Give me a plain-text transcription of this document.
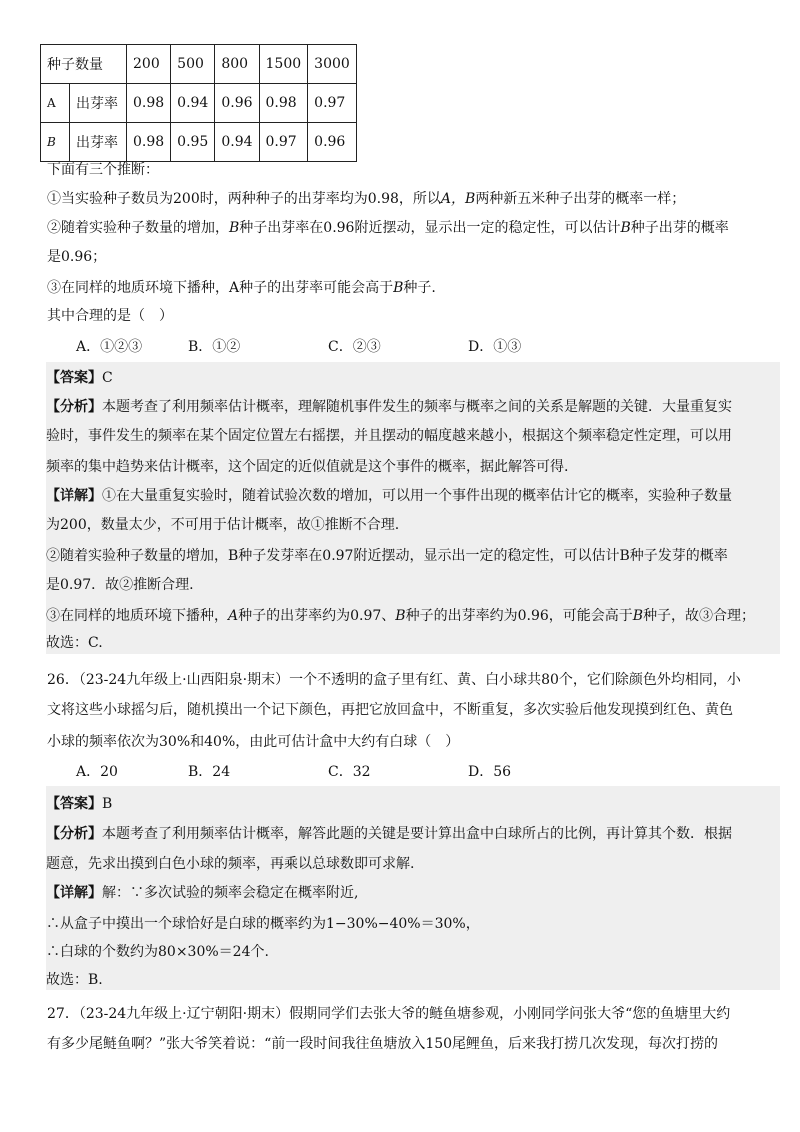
种子数量		200	500	800	1500	3000
A	出芽率	0.98	0.94	0.96	0.98	0.97
B	出芽率	0.98	0.95	0.94	0.97	0.96
下面有三个推断：
①当实验种子数员为200时，两种种子的出芽率均为0.98，所以A，B两种新五米种子出芽的概率一样；
②随着实验种子数量的增加，B种子出芽率在0.96附近摆动，显示出一定的稳定性，可以估计B种子出芽的概率
是0.96；
③在同样的地质环境下播种，A种子的出芽率可能会高于B种子.
其中合理的是（　）
A．①②③	B．①②	C．②③	D．①③
【答案】C
【分析】本题考查了利用频率估计概率，理解随机事件发生的频率与概率之间的关系是解题的关键．大量重复实
验时，事件发生的频率在某个固定位置左右摇摆，并且摆动的幅度越来越小，根据这个频率稳定性定理，可以用
频率的集中趋势来估计概率，这个固定的近似值就是这个事件的概率，据此解答可得.
【详解】①在大量重复实验时，随着试验次数的增加，可以用一个事件出现的概率估计它的概率，实验种子数量
为200，数量太少，不可用于估计概率，故①推断不合理.
②随着实验种子数量的增加，B种子发芽率在0.97附近摆动，显示出一定的稳定性，可以估计B种子发芽的概率
是0.97．故②推断合理.
③在同样的地质环境下播种，A种子的出芽率约为0.97、B种子的出芽率约为0.96，可能会高于B种子，故③合理；
故选：C.
26．（23-24九年级上·山西阳泉·期末）一个不透明的盒子里有红、黄、白小球共80个，它们除颜色外均相同，小
文将这些小球摇匀后，随机摸出一个记下颜色，再把它放回盒中，不断重复，多次实验后他发现摸到红色、黄色
小球的频率依次为30%和40%，由此可估计盒中大约有白球（　）
A．20	B．24	C．32	D．56
【答案】B
【分析】本题考查了利用频率估计概率，解答此题的关键是要计算出盒中白球所占的比例，再计算其个数．根据
题意，先求出摸到白色小球的频率，再乘以总球数即可求解.
【详解】解：∵多次试验的频率会稳定在概率附近,
∴从盒子中摸出一个球恰好是白球的概率约为1−30%−40%＝30%，
∴白球的个数约为80×30%＝24个.
故选：B.
27．（23-24九年级上·辽宁朝阳·期末）假期同学们去张大爷的鲢鱼塘参观，小刚同学问张大爷“您的鱼塘里大约
有多少尾鲢鱼啊？”张大爷笑着说：“前一段时间我往鱼塘放入150尾鲤鱼，后来我打捞几次发现，每次打捞的
